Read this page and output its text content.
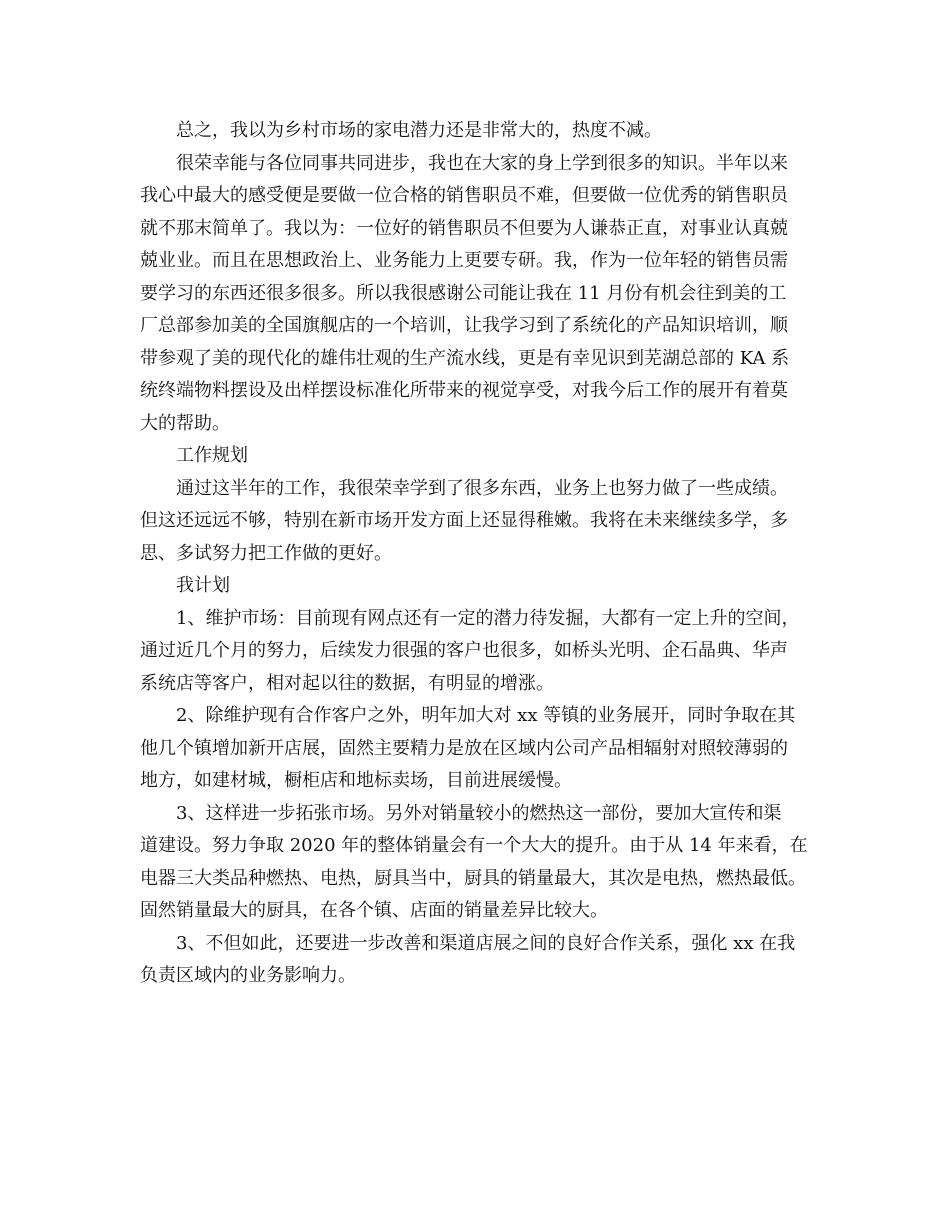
总之，我以为乡村市场的家电潜力还是非常大的，热度不减。
很荣幸能与各位同事共同进步，我也在大家的身上学到很多的知识。半年以来
我心中最大的感受便是要做一位合格的销售职员不难，但要做一位优秀的销售职员
就不那末简单了。我以为：一位好的销售职员不但要为人谦恭正直，对事业认真兢
兢业业。而且在思想政治上、业务能力上更要专研。我，作为一位年轻的销售员需
要学习的东西还很多很多。所以我很感谢公司能让我在 11 月份有机会往到美的工
厂总部参加美的全国旗舰店的一个培训，让我学习到了系统化的产品知识培训，顺
带参观了美的现代化的雄伟壮观的生产流水线，更是有幸见识到芜湖总部的 KA 系
统终端物料摆设及出样摆设标准化所带来的视觉享受，对我今后工作的展开有着莫
大的帮助。
工作规划
通过这半年的工作，我很荣幸学到了很多东西，业务上也努力做了一些成绩。
但这还远远不够，特别在新市场开发方面上还显得稚嫩。我将在未来继续多学，多
思、多试努力把工作做的更好。
我计划
1、维护市场：目前现有网点还有一定的潜力待发掘，大都有一定上升的空间，
通过近几个月的努力，后续发力很强的客户也很多，如桥头光明、企石晶典、华声
系统店等客户，相对起以往的数据，有明显的增涨。
2、除维护现有合作客户之外，明年加大对 xx 等镇的业务展开，同时争取在其
他几个镇增加新开店展，固然主要精力是放在区域内公司产品相辐射对照较薄弱的
地方，如建材城，橱柜店和地标卖场，目前进展缓慢。
3、这样进一步拓张市场。另外对销量较小的燃热这一部份，要加大宣传和渠
道建设。努力争取 2020 年的整体销量会有一个大大的提升。由于从 14 年来看，在
电器三大类品种燃热、电热，厨具当中，厨具的销量最大，其次是电热，燃热最低。
固然销量最大的厨具，在各个镇、店面的销量差异比较大。
3、不但如此，还要进一步改善和渠道店展之间的良好合作关系，强化 xx 在我
负责区域内的业务影响力。
